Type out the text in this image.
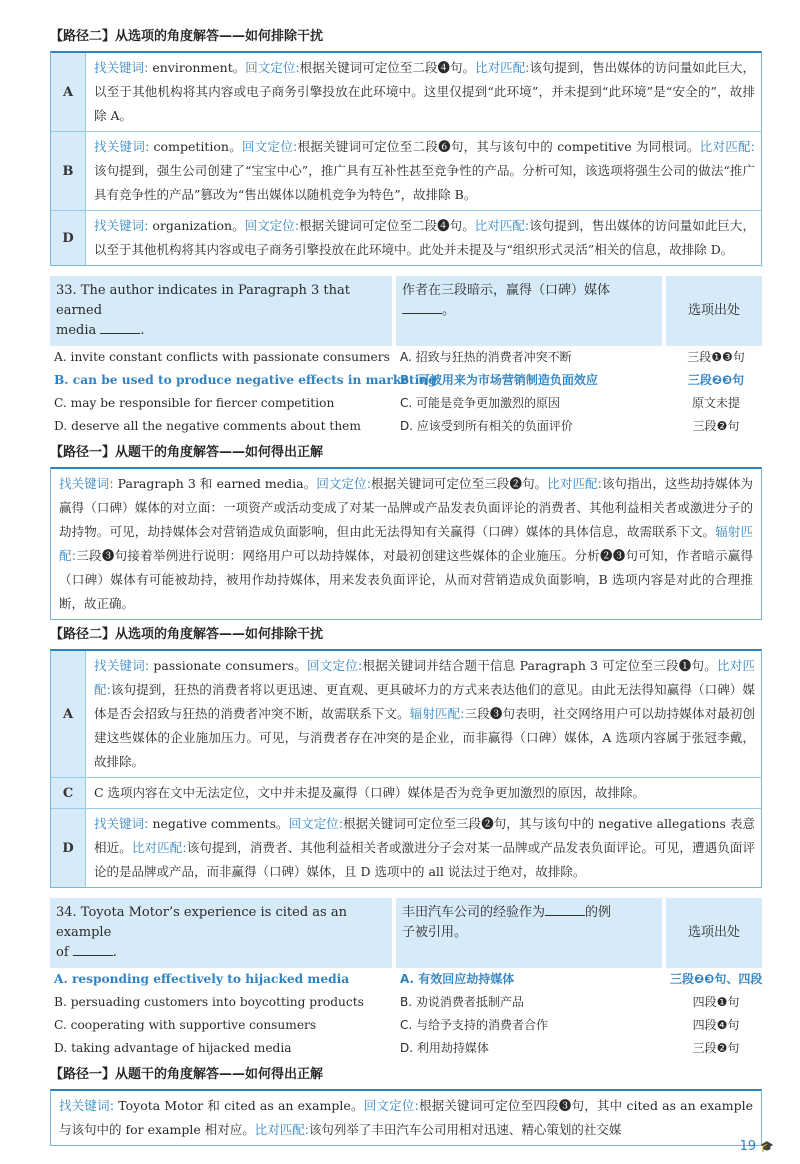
【路径二】从选项的角度解答——如何排除干扰
A
找关键词: environment。回文定位:根据关键词可定位至二段❹句。比对匹配:该句提到，售出媒体的访问量如此巨大，以至于其他机构将其内容或电子商务引擎投放在此环境中。这里仅提到“此环境”，并未提到“此环境”是“安全的”，故排除 A。
B
找关键词: competition。回文定位:根据关键词可定位至二段❻句，其与该句中的 competitive 为同根词。比对匹配:该句提到，强生公司创建了“宝宝中心”，推广具有互补性甚至竞争性的产品。分析可知，该选项将强生公司的做法“推广具有竞争性的产品”篡改为“售出媒体以随机竞争为特色”，故排除 B。
D
找关键词: organization。回文定位:根据关键词可定位至二段❹句。比对匹配:该句提到，售出媒体的访问量如此巨大，以至于其他机构将其内容或电子商务引擎投放在此环境中。此处并未提及与“组织形式灵活”相关的信息，故排除 D。
33. The author indicates in Paragraph 3 that earned
media	.
作者在三段暗示，赢得（口碑）媒体
。	选项出处
A. invite constant conflicts with passionate consumers A. 招致与狂热的消费者冲突不断	三段❶❸句
B. can be used to produce negative effects in marketing
B. 可被用来为市场营销制造负面效应	三段❷❸句
C. may be responsible for fiercer competition	C. 可能是竞争更加激烈的原因	原文未提
D. deserve all the negative comments about them	D. 应该受到所有相关的负面评价	三段❷句
【路径一】从题干的角度解答——如何得出正解
找关键词: Paragraph 3 和 earned media。回文定位:根据关键词可定位至三段❷句。比对匹配:该句指出，这些劫持媒体为赢得（口碑）媒体的对立面：一项资产或活动变成了对某一品牌或产品发表负面评论的消费者、其他利益相关者或激进分子的劫持物。可见，劫持媒体会对营销造成负面影响，但由此无法得知有关赢得（口碑）媒体的具体信息，故需联系下文。辐射匹配:三段❸句接着举例进行说明：网络用户可以劫持媒体，对最初创建这些媒体的企业施压。分析❷❸句可知，作者暗示赢得（口碑）媒体有可能被劫持，被用作劫持媒体，用来发表负面评论，从而对营销造成负面影响，B 选项内容是对此的合理推断，故正确。
【路径二】从选项的角度解答——如何排除干扰
A
找关键词: passionate consumers。回文定位:根据关键词并结合题干信息 Paragraph 3 可定位至三段❶句。比对匹配:该句提到，狂热的消费者将以更迅速、更直观、更具破坏力的方式来表达他们的意见。由此无法得知赢得（口碑）媒体是否会招致与狂热的消费者冲突不断，故需联系下文。辐射匹配:三段❸句表明，社交网络用户可以劫持媒体对最初创建这些媒体的企业施加压力。可见，与消费者存在冲突的是企业，而非赢得（口碑）媒体，A 选项内容属于张冠李戴，故排除。
C	C 选项内容在文中无法定位，文中并未提及赢得（口碑）媒体是否为竞争更加激烈的原因，故排除。
D
找关键词: negative comments。回文定位:根据关键词可定位至三段❷句，其与该句中的 negative allegations 表意相近。比对匹配:该句提到，消费者、其他利益相关者或激进分子会对某一品牌或产品发表负面评论。可见，遭遇负面评论的是品牌或产品，而非赢得（口碑）媒体，且 D 选项中的 all 说法过于绝对，故排除。
34. Toyota Motor’s experience is cited as an example
of	.
丰田汽车公司的经验作为	的例
子被引用。	选项出处
A. responding effectively to hijacked media	A. 有效回应劫持媒体	三段❷❸句、四段
B. persuading customers into boycotting products	B. 劝说消费者抵制产品	四段❶句
C. cooperating with supportive consumers	C. 与给予支持的消费者合作	四段❹句
D. taking advantage of hijacked media	D. 利用劫持媒体	三段❷句
【路径一】从题干的角度解答——如何得出正解
找关键词: Toyota Motor 和 cited as an example。回文定位:根据关键词可定位至四段❸句，其中 cited as an example 与该句中的 for example 相对应。比对匹配:该句列举了丰田汽车公司用相对迅速、精心策划的社交媒
19 🎓
